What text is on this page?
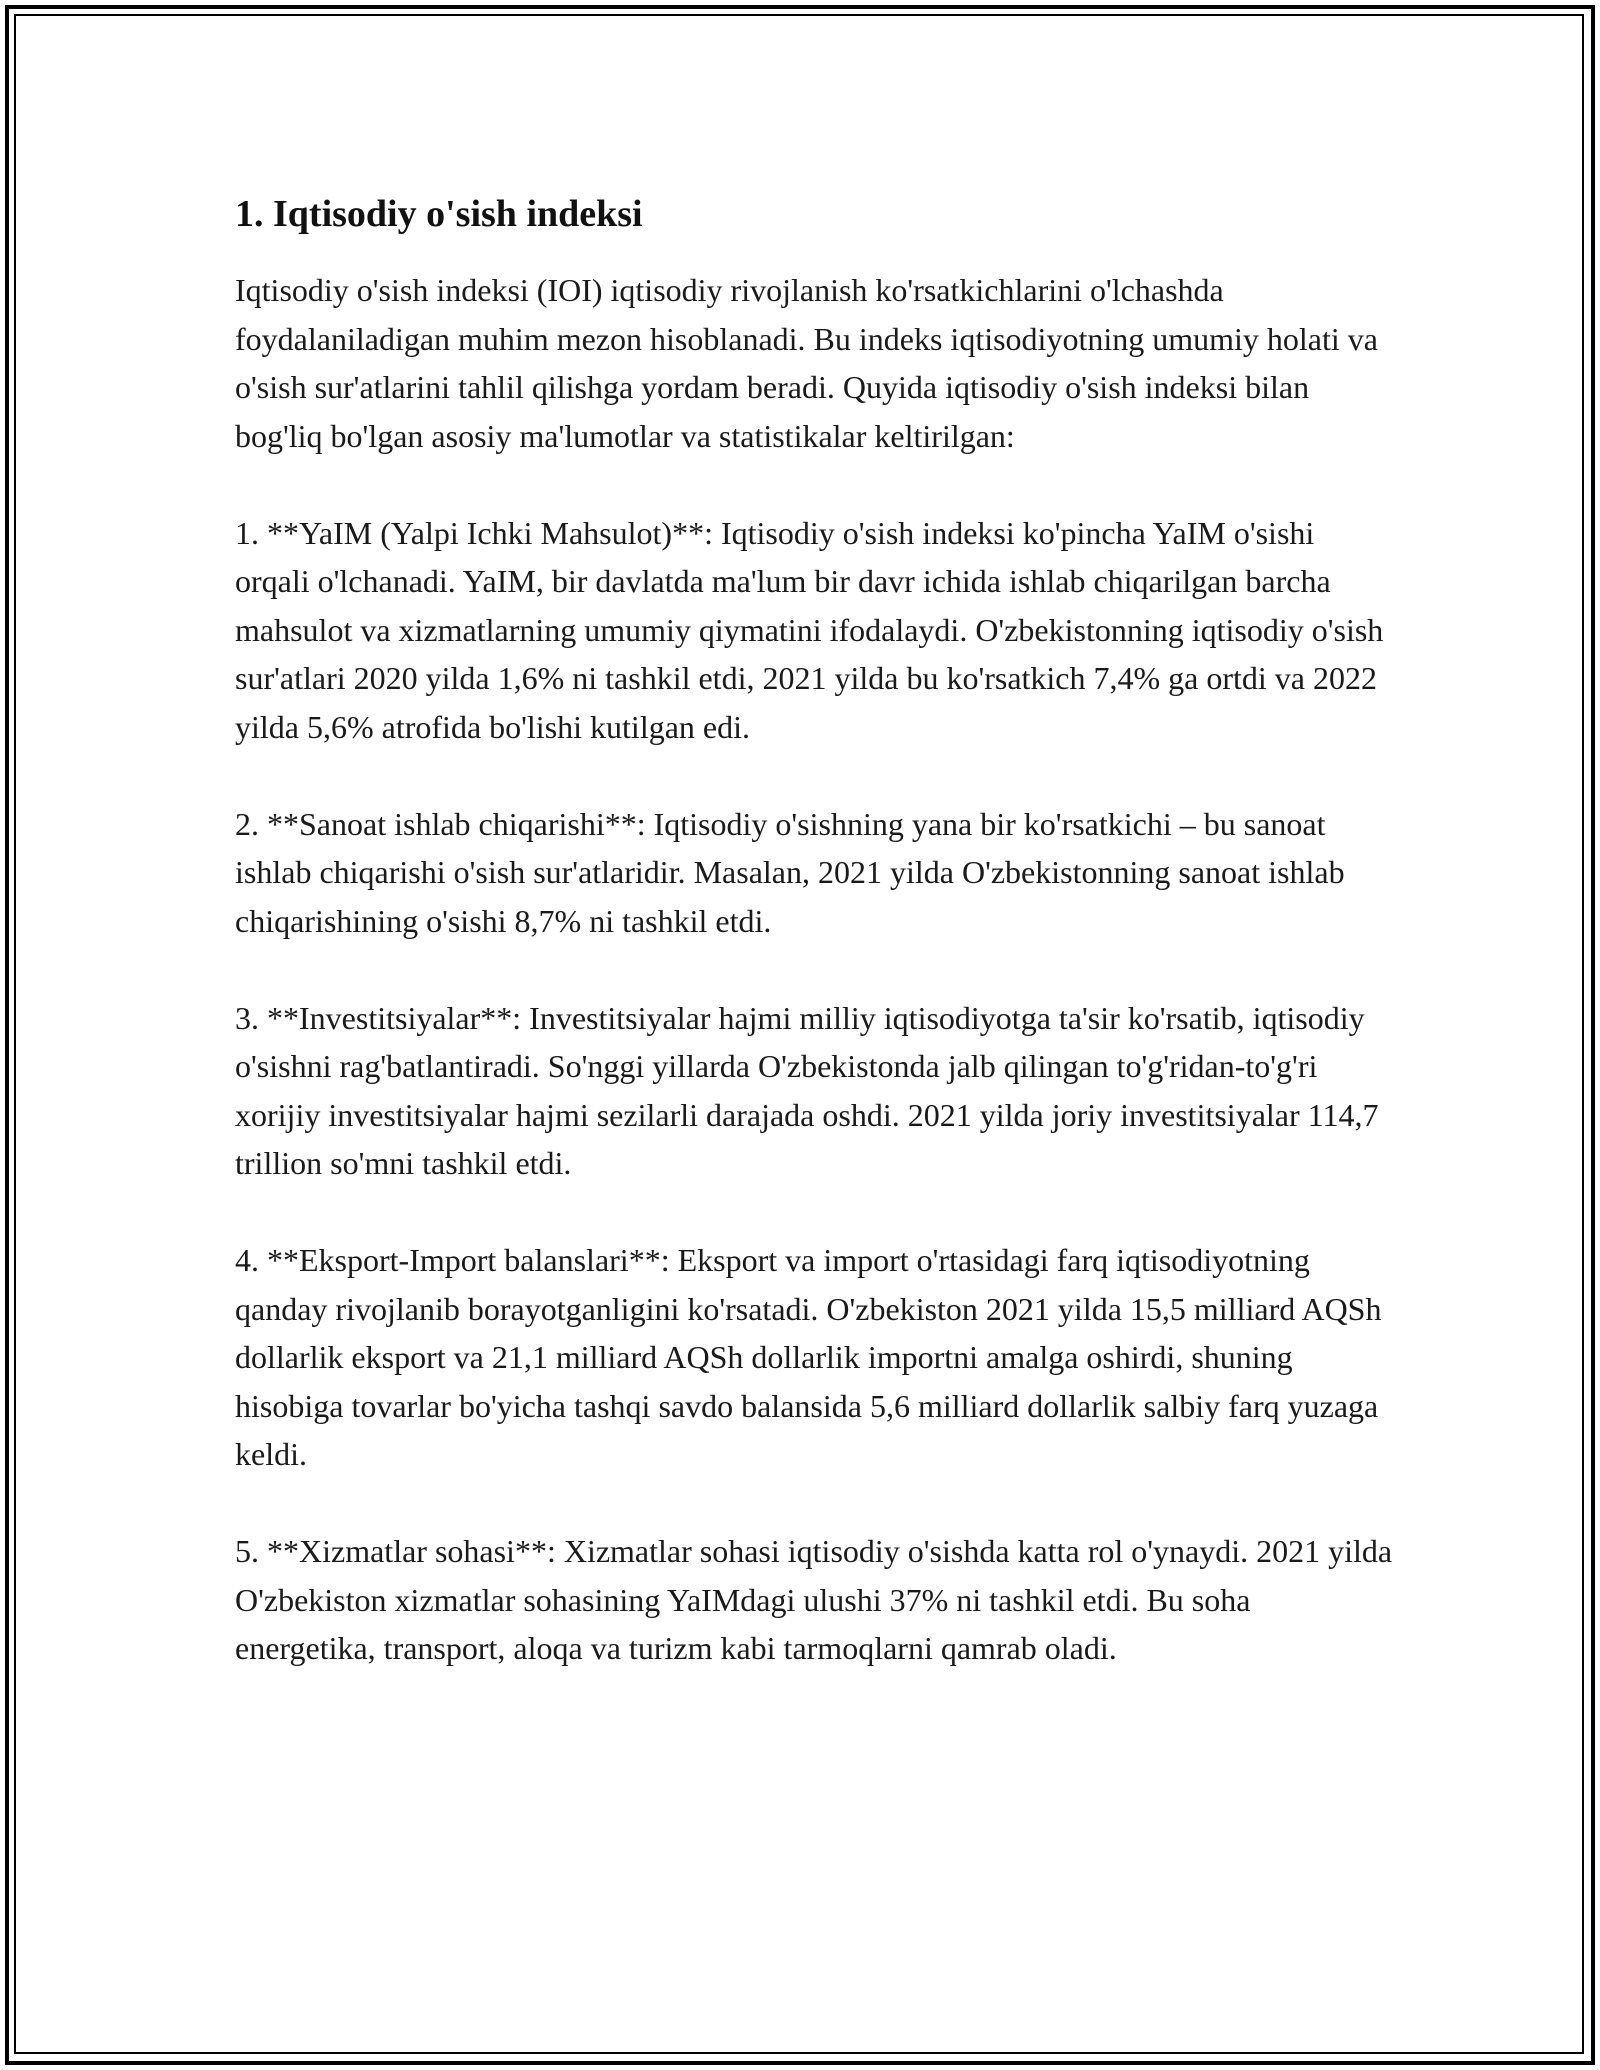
1. Iqtisodiy o'sish indeksi

Iqtisodiy o'sish indeksi (IOI) iqtisodiy rivojlanish ko'rsatkichlarini o'lchashda foydalaniladigan muhim mezon hisoblanadi. Bu indeks iqtisodiyotning umumiy holati va o'sish sur'atlarini tahlil qilishga yordam beradi. Quyida iqtisodiy o'sish indeksi bilan bog'liq bo'lgan asosiy ma'lumotlar va statistikalar keltirilgan:

1. **YaIM (Yalpi Ichki Mahsulot)**: Iqtisodiy o'sish indeksi ko'pincha YaIM o'sishi orqali o'lchanadi. YaIM, bir davlatda ma'lum bir davr ichida ishlab chiqarilgan barcha mahsulot va xizmatlarning umumiy qiymatini ifodalaydi. O'zbekistonning iqtisodiy o'sish sur'atlari 2020 yilda 1,6% ni tashkil etdi, 2021 yilda bu ko'rsatkich 7,4% ga ortdi va 2022 yilda 5,6% atrofida bo'lishi kutilgan edi.

2. **Sanoat ishlab chiqarishi**: Iqtisodiy o'sishning yana bir ko'rsatkichi – bu sanoat ishlab chiqarishi o'sish sur'atlaridir. Masalan, 2021 yilda O'zbekistonning sanoat ishlab chiqarishining o'sishi 8,7% ni tashkil etdi.

3. **Investitsiyalar**: Investitsiyalar hajmi milliy iqtisodiyotga ta'sir ko'rsatib, iqtisodiy o'sishni rag'batlantiradi. So'nggi yillarda O'zbekistonda jalb qilingan to'g'ridan-to'g'ri xorijiy investitsiyalar hajmi sezilarli darajada oshdi. 2021 yilda joriy investitsiyalar 114,7 trillion so'mni tashkil etdi.

4. **Eksport-Import balanslari**: Eksport va import o'rtasidagi farq iqtisodiyotning qanday rivojlanib borayotganligini ko'rsatadi. O'zbekiston 2021 yilda 15,5 milliard AQSh dollarlik eksport va 21,1 milliard AQSh dollarlik importni amalga oshirdi, shuning hisobiga tovarlar bo'yicha tashqi savdo balansida 5,6 milliard dollarlik salbiy farq yuzaga keldi.

5. **Xizmatlar sohasi**: Xizmatlar sohasi iqtisodiy o'sishda katta rol o'ynaydi. 2021 yilda O'zbekiston xizmatlar sohasining YaIMdagi ulushi 37% ni tashkil etdi. Bu soha energetika, transport, aloqa va turizm kabi tarmoqlarni qamrab oladi.
